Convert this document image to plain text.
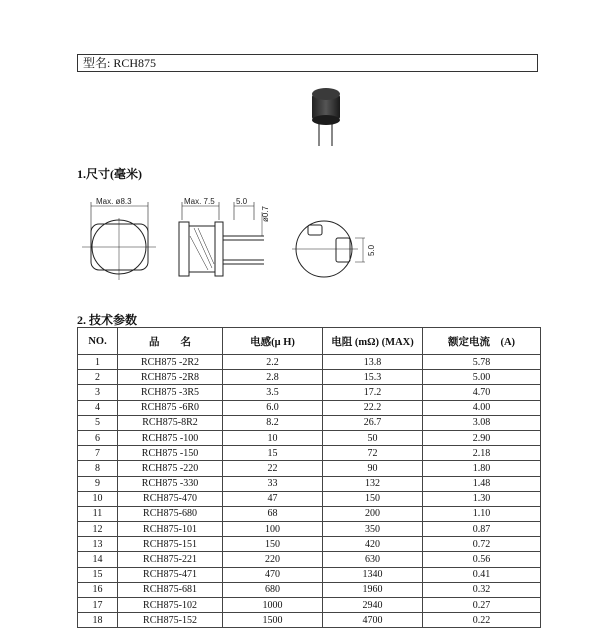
型名: RCH875
1.尺寸(毫米)
Max. ø8.3	Max. 7.5	5.0
ø0.7
5.0
2. 技术参数
NO.	品　　名	电感(μ H)	电阻 (mΩ) (MAX)	额定电流　(A)
1	RCH875 -2R2	2.2	13.8	5.78
2	RCH875 -2R8	2.8	15.3	5.00
3	RCH875 -3R5	3.5	17.2	4.70
4	RCH875 -6R0	6.0	22.2	4.00
5	RCH875-8R2	8.2	26.7	3.08
6	RCH875 -100	10	50	2.90
7	RCH875 -150	15	72	2.18
8	RCH875 -220	22	90	1.80
9	RCH875 -330	33	132	1.48
10	RCH875-470	47	150	1.30
11	RCH875-680	68	200	1.10
12	RCH875-101	100	350	0.87
13	RCH875-151	150	420	0.72
14	RCH875-221	220	630	0.56
15	RCH875-471	470	1340	0.41
16	RCH875-681	680	1960	0.32
17	RCH875-102	1000	2940	0.27
18	RCH875-152	1500	4700	0.22
